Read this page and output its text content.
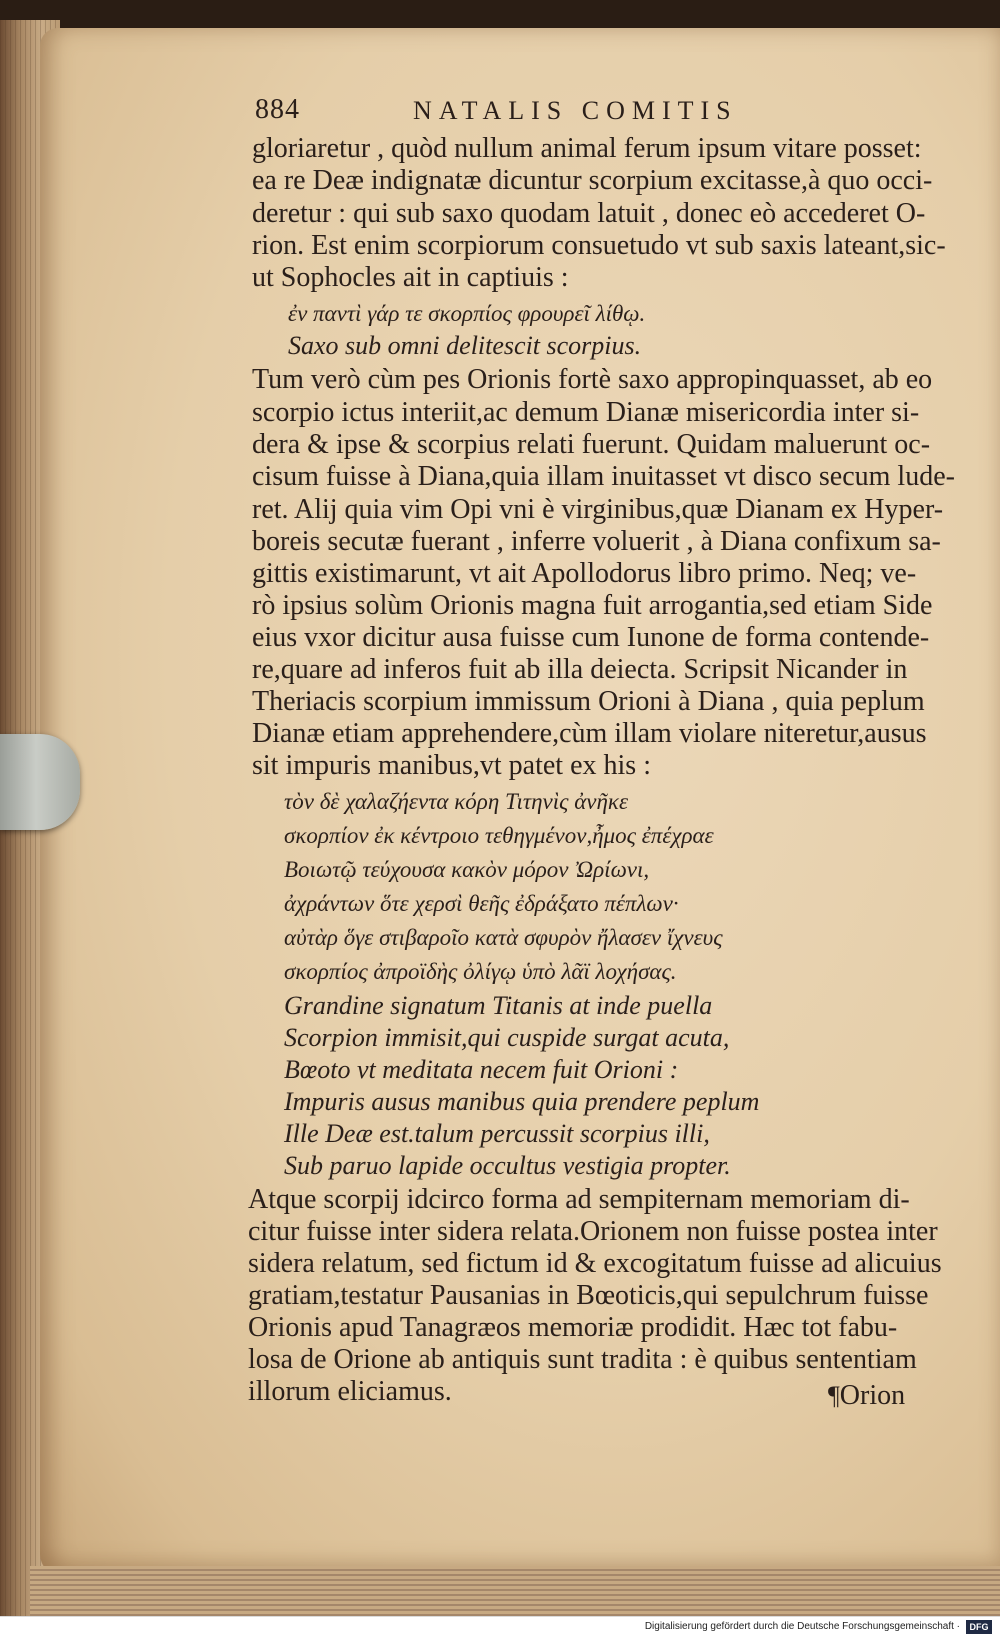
884	NATALIS COMITIS
gloriaretur , quòd nullum animal ferum ipsum vitare posset:
ea re Deæ indignatæ dicuntur scorpium excitasse,à quo occi-
deretur : qui sub saxo quodam latuit , donec eò accederet O-
rion. Est enim scorpiorum consuetudo vt sub saxis lateant,sic-
ut Sophocles ait in captiuis :
ἐν παντὶ γάρ τε σκορπίος φρουρεῖ λίθῳ.
Saxo sub omni delitescit scorpius.
Tum verò cùm pes Orionis fortè saxo appropinquasset, ab eo
scorpio ictus interiit,ac demum Dianæ misericordia inter si-
dera & ipse & scorpius relati fuerunt. Quidam maluerunt oc-
cisum fuisse à Diana,quia illam inuitasset vt disco secum lude-
ret. Alij quia vim Opi vni è virginibus,quæ Dianam ex Hyper-
boreis secutæ fuerant , inferre voluerit , à Diana confixum sa-
gittis existimarunt, vt ait Apollodorus libro primo. Neq; ve-
rò ipsius solùm Orionis magna fuit arrogantia,sed etiam Side
eius vxor dicitur ausa fuisse cum Iunone de forma contende-
re,quare ad inferos fuit ab illa deiecta. Scripsit Nicander in
Theriacis scorpium immissum Orioni à Diana , quia peplum
Dianæ etiam apprehendere,cùm illam violare niteretur,ausus
sit impuris manibus,vt patet ex his :
τὸν δὲ χαλαζήεντα κόρη Τιτηνὶς ἀνῆκε
σκορπίον ἐκ κέντροιο τεθηγμένον,ἦμος ἐπέχραε
Βοιωτῷ τεύχουσα κακὸν μόρον Ὠρίωνι,
ἀχράντων ὅτε χερσὶ θεῆς ἐδράξατο πέπλων·
αὐτὰρ ὅγε στιβαροῖο κατὰ σφυρὸν ἤλασεν ἴχνευς
σκορπίος ἀπροϊδὴς ὀλίγῳ ὑπὸ λᾶϊ λοχήσας.
Grandine signatum Titanis at inde puella
Scorpion immisit,qui cuspide surgat acuta,
Bœoto vt meditata necem fuit Orioni :
Impuris ausus manibus quia prendere peplum
Ille Deæ est.talum percussit scorpius illi,
Sub paruo lapide occultus vestigia propter.
Atque scorpij idcirco forma ad sempiternam memoriam di-
citur fuisse inter sidera relata.Orionem non fuisse postea inter
sidera relatum, sed fictum id & excogitatum fuisse ad alicuius
gratiam,testatur Pausanias in Bœoticis,qui sepulchrum fuisse
Orionis apud Tanagræos memoriæ prodidit. Hæc tot fabu-
losa de Orione ab antiquis sunt tradita : è quibus sententiam
illorum eliciamus.	¶Orion
Digitalisierung gefördert durch die Deutsche Forschungsgemeinschaft ·	DFG
